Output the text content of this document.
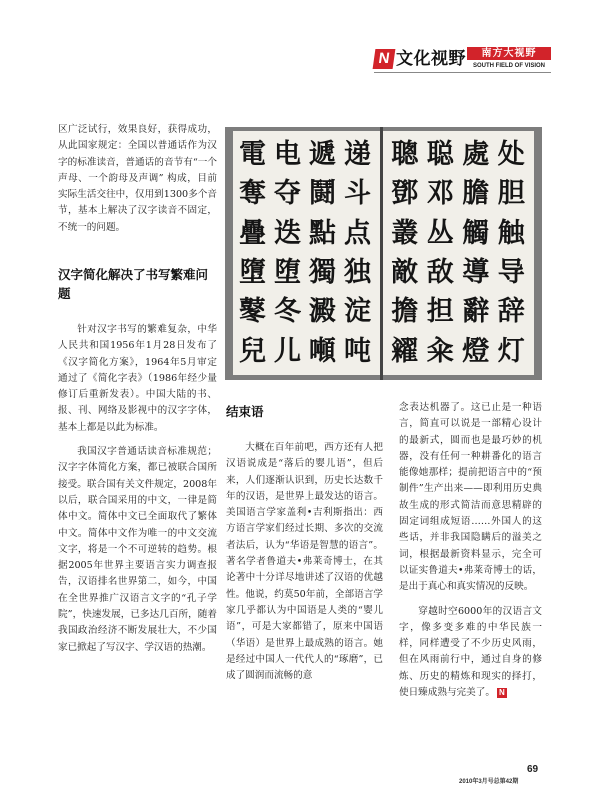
N 文化视野	南方大视野
SOUTH FIELD OF VISION

区广泛试行，效果良好，获得成功，从此国家规定：全国以普通话作为汉字的标准读音，普通话的音节有“一个声母、一个韵母及声调” 构成，目前实际生活交往中，仅用到1300多个音节，基本上解决了汉字读音不固定，不统一的问题。

汉字简化解决了书写繁难问题

针对汉字书写的繁难复杂，中华人民共和国1956年1月28日发布了《汉字简化方案》，1964年5月审定通过了《简化字表》（1986年经少量修订后重新发表）。中国大陆的书、报、刊、网络及影视中的汉字字体，基本上都是以此为标准。

我国汉字普通话读音标准规范；汉字字体简化方案，都已被联合国所接受。联合国有关文件规定，2008年以后，联合国采用的中文，一律是简体中文。简体中文已全面取代了繁体中文。简体中文作为唯一的中文交流文字，将是一个不可逆转的趋势。根据2005年世界主要语言实力调查报告，汉语排名世界第二，如今，中国在全世界推广汉语言文字的“孔子学院”，快速发展，已多达几百所，随着我国政治经济不断发展壮大，不少国家已掀起了写汉字、学汉语的热潮。

電 电 遞 递
奪 夺 鬪 斗
疊 迭 點 点
墮 堕 獨 独
鼕 冬 澱 淀
兒 儿 噸 吨
聰 聪 處 处
鄧 邓 膽 胆
叢 丛 觸 触
敵 敌 導 导
擔 担 辭 辞
糴 籴 燈 灯
结束语

大概在百年前吧，西方还有人把汉语说成是“落后的婴儿语”，但后来，人们逐渐认识到，历史长达数千年的汉语，是世界上最发达的语言。美国语言学家盖利•吉利斯指出：西方语言学家们经过长期、多次的交流者法后，认为“华语是智慧的语言”。著名学者鲁道夫•弗莱奇博士，在其论著中十分详尽地讲述了汉语的优越性。他说，约莫50年前，全部语言学家几乎都认为中国语是人类的“婴儿语”，可是大家都错了，原来中国语（华语）是世界上最成熟的语言。她是经过中国人一代代人的“琢磨”，已成了圆润而流畅的意

念表达机器了。这已止是一种语言，简直可以说是一部精心设计的最新式，圆而也是最巧妙的机器，没有任何一种耕番化的语言能像她那样；提前把语言中的“预制件”生产出来——即利用历史典故生成的形式简洁而意思精辟的固定词组成短语……外国人的这些话，并非我国隐瞒后的溢美之词，根据最新资料显示，完全可以证实鲁道夫•弗莱奇博士的话，是出于真心和真实情况的反映。

穿越时空6000年的汉语言文字，像多变多难的中华民族一样，同样遭受了不少历史风雨，但在风雨前行中，通过自身的修炼、历史的精炼和现实的择打，使日臻成熟与完美了。 N

69
2010年3月号总第42期
